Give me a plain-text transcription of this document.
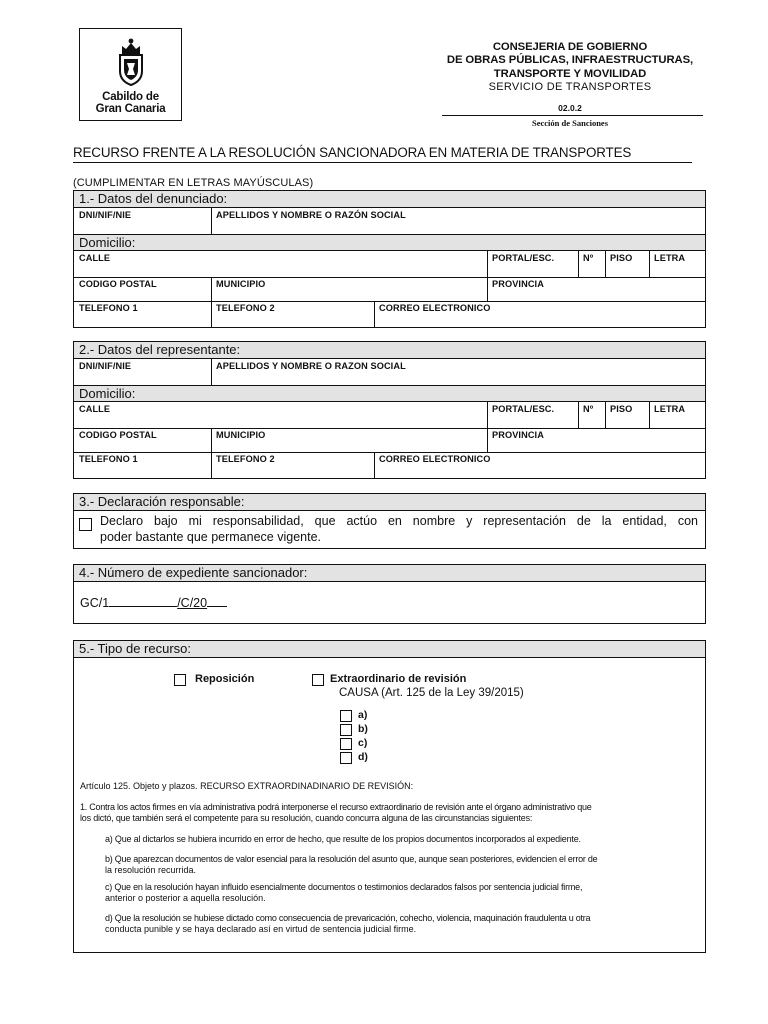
Cabildo de
Gran Canaria
CONSEJERIA DE GOBIERNO
DE OBRAS PÚBLICAS, INFRAESTRUCTURAS,
TRANSPORTE Y MOVILIDAD
SERVICIO DE TRANSPORTES
02.0.2
Sección de Sanciones
RECURSO FRENTE A LA RESOLUCIÓN SANCIONADORA EN MATERIA DE TRANSPORTES
(CUMPLIMENTAR EN LETRAS MAYÚSCULAS)
1.- Datos del denunciado:
DNI/NIF/NIE	APELLIDOS Y NOMBRE O RAZÓN SOCIAL
Domicilio:
CALLE	PORTAL/ESC.	Nº	PISO	LETRA
CODIGO POSTAL	MUNICIPIO	PROVINCIA
TELEFONO 1	TELEFONO 2	CORREO ELECTRONICO
2.- Datos del representante:
DNI/NIF/NIE	APELLIDOS Y NOMBRE O RAZON SOCIAL
Domicilio:
CALLE	PORTAL/ESC.	Nº	PISO	LETRA
CODIGO POSTAL	MUNICIPIO	PROVINCIA
TELEFONO 1	TELEFONO 2	CORREO ELECTRONICO
3.- Declaración responsable:
Declaro bajo mi responsabilidad, que actúo en nombre y representación de la entidad, con
poder bastante que permanece vigente.
4.- Número de expediente sancionador:
GC/1	/C/20
5.- Tipo de recurso:
Reposición	Extraordinario de revisión
CAUSA (Art. 125 de la Ley 39/2015)
a)
b)
c)
d)
Artículo 125. Objeto y plazos. RECURSO EXTRAORDINADINARIO DE REVISIÓN:
1. Contra los actos firmes en vía administrativa podrá interponerse el recurso extraordinario de revisión ante el órgano administrativo que
los dictó, que también será el competente para su resolución, cuando concurra alguna de las circunstancias siguientes:
a) Que al dictarlos se hubiera incurrido en error de hecho, que resulte de los propios documentos incorporados al expediente.
b) Que aparezcan documentos de valor esencial para la resolución del asunto que, aunque sean posteriores, evidencien el error de
la resolución recurrida.
c) Que en la resolución hayan influido esencialmente documentos o testimonios declarados falsos por sentencia judicial firme,
anterior o posterior a aquella resolución.
d) Que la resolución se hubiese dictado como consecuencia de prevaricación, cohecho, violencia, maquinación fraudulenta u otra
conducta punible y se haya declarado así en virtud de sentencia judicial firme.
